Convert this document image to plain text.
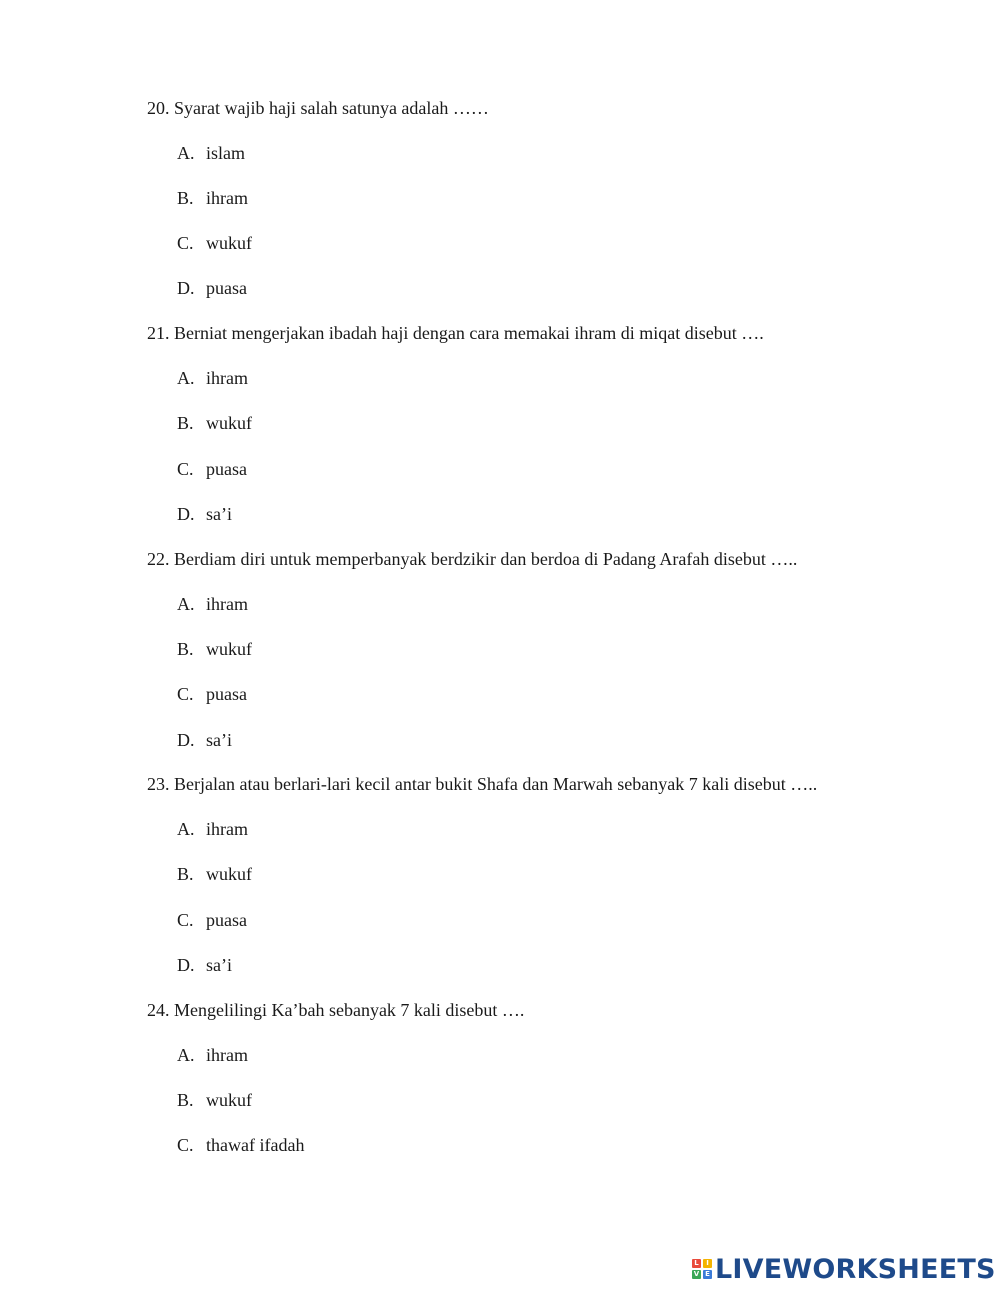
20. Syarat wajib haji salah satunya adalah ……
A. islam
B. ihram
C. wukuf
D. puasa
21. Berniat mengerjakan ibadah haji dengan cara memakai ihram di miqat disebut ….
A. ihram
B. wukuf
C. puasa
D. sa’i
22. Berdiam diri untuk memperbanyak berdzikir dan berdoa di Padang Arafah disebut …..
A. ihram
B. wukuf
C. puasa
D. sa’i
23. Berjalan atau berlari-lari kecil antar bukit Shafa dan Marwah sebanyak 7 kali disebut …..
A. ihram
B. wukuf
C. puasa
D. sa’i
24. Mengelilingi Ka’bah sebanyak 7 kali disebut ….
A. ihram
B. wukuf
C. thawaf ifadah
L	I
V E LIVEWORKSHEETS
